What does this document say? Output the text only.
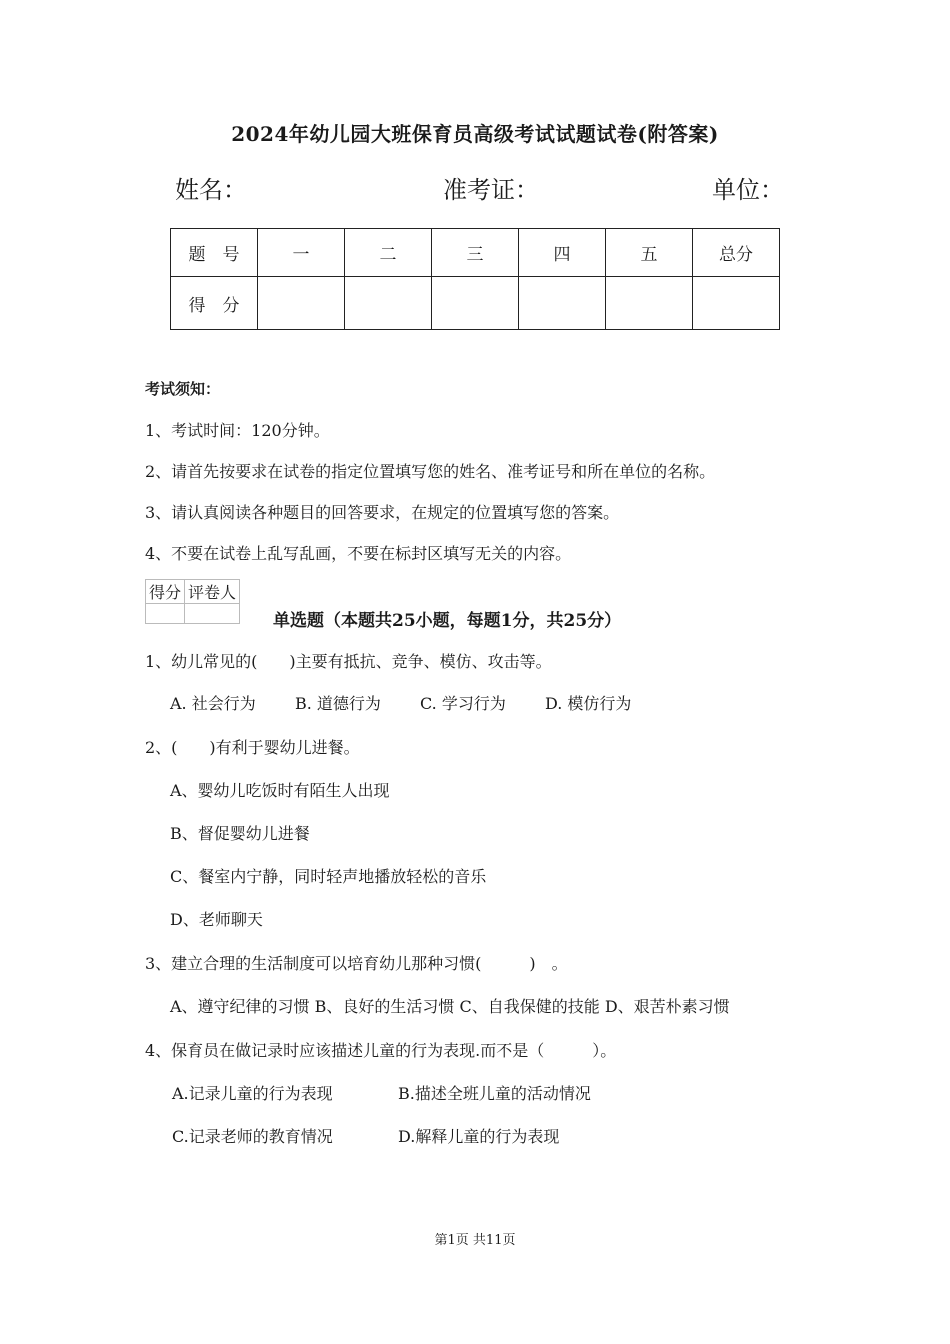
2024年幼儿园大班保育员高级考试试题试卷(附答案)
姓名：	准考证：	单位：
题　号	一	二	三	四	五	总分
得　分						
考试须知：
1、考试时间：120分钟。
2、请首先按要求在试卷的指定位置填写您的姓名、准考证号和所在单位的名称。
3、请认真阅读各种题目的回答要求，在规定的位置填写您的答案。
4、不要在试卷上乱写乱画，不要在标封区填写无关的内容。
得分	评卷人

单选题（本题共25小题，每题1分，共25分）
1、幼儿常见的(　　)主要有抵抗、竞争、模仿、攻击等。
A. 社会行为 B. 道德行为 C. 学习行为 D. 模仿行为
2、(　　)有利于婴幼儿进餐。
A、婴幼儿吃饭时有陌生人出现
B、督促婴幼儿进餐
C、餐室内宁静，同时轻声地播放轻松的音乐
D、老师聊天
3、建立合理的生活制度可以培育幼儿那种习惯(　　　)　。
A、遵守纪律的习惯 B、良好的生活习惯 C、自我保健的技能 D、艰苦朴素习惯
4、保育员在做记录时应该描述儿童的行为表现.而不是（　　　）。
A.记录儿童的行为表现	B.描述全班儿童的活动情况
C.记录老师的教育情况	D.解释儿童的行为表现
第1页 共11页
